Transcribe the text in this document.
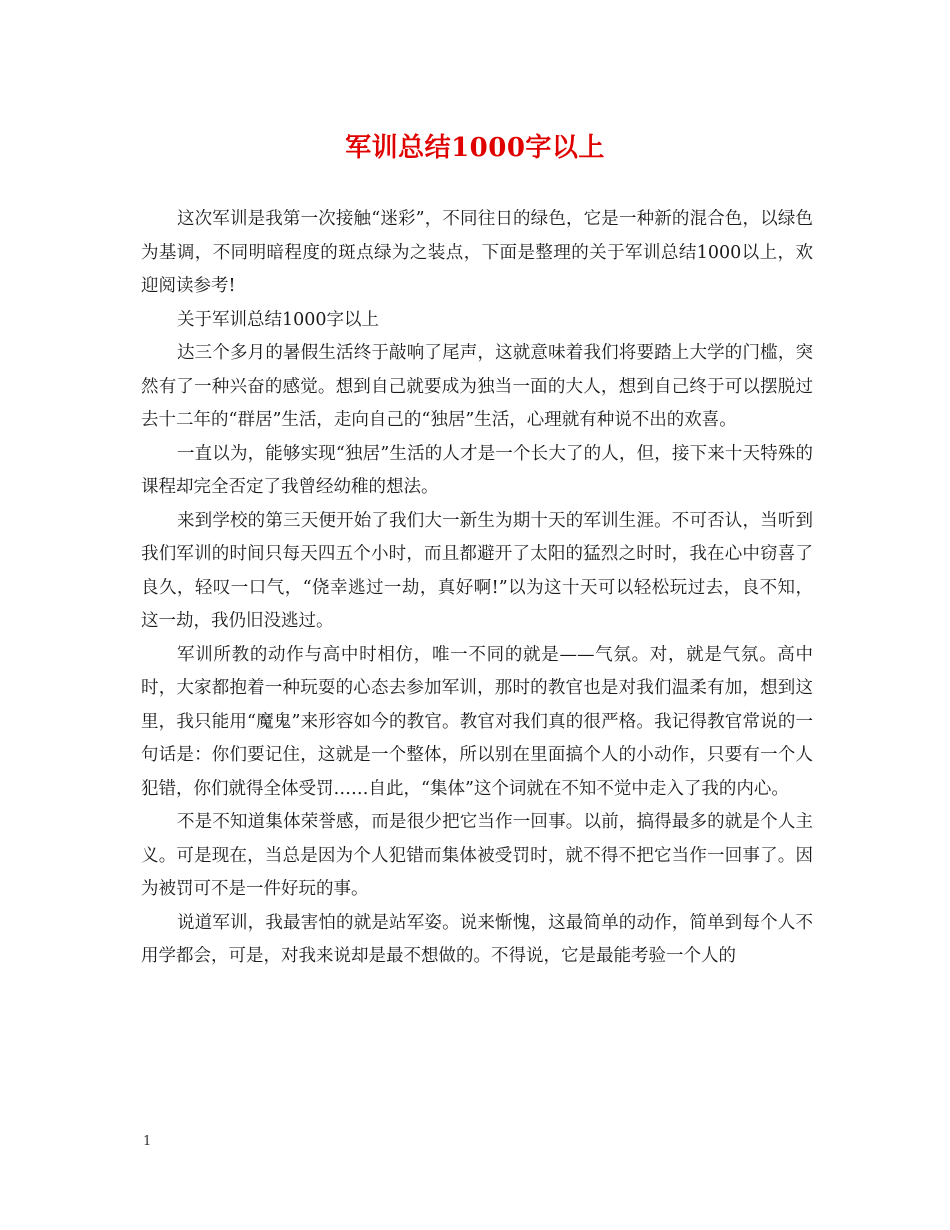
军训总结1000字以上

这次军训是我第一次接触“迷彩”，不同往日的绿色，它是一种新的混合色，以绿色为基调，不同明暗程度的斑点绿为之装点，下面是整理的关于军训总结1000以上，欢迎阅读参考!

关于军训总结1000字以上

达三个多月的暑假生活终于敲响了尾声，这就意味着我们将要踏上大学的门槛，突然有了一种兴奋的感觉。想到自己就要成为独当一面的大人，想到自己终于可以摆脱过去十二年的“群居”生活，走向自己的“独居”生活，心理就有种说不出的欢喜。

一直以为，能够实现“独居”生活的人才是一个长大了的人，但，接下来十天特殊的课程却完全否定了我曾经幼稚的想法。

来到学校的第三天便开始了我们大一新生为期十天的军训生涯。不可否认，当听到我们军训的时间只每天四五个小时，而且都避开了太阳的猛烈之时时，我在心中窃喜了良久，轻叹一口气，“侥幸逃过一劫，真好啊!”以为这十天可以轻松玩过去，良不知，这一劫，我仍旧没逃过。

军训所教的动作与高中时相仿，唯一不同的就是——气氛。对，就是气氛。高中时，大家都抱着一种玩耍的心态去参加军训，那时的教官也是对我们温柔有加，想到这里，我只能用“魔鬼”来形容如今的教官。教官对我们真的很严格。我记得教官常说的一句话是：你们要记住，这就是一个整体，所以别在里面搞个人的小动作，只要有一个人犯错，你们就得全体受罚……自此，“集体”这个词就在不知不觉中走入了我的内心。

不是不知道集体荣誉感，而是很少把它当作一回事。以前，搞得最多的就是个人主义。可是现在，当总是因为个人犯错而集体被受罚时，就不得不把它当作一回事了。因为被罚可不是一件好玩的事。

说道军训，我最害怕的就是站军姿。说来惭愧，这最简单的动作，简单到每个人不用学都会，可是，对我来说却是最不想做的。不得说，它是最能考验一个人的

1
